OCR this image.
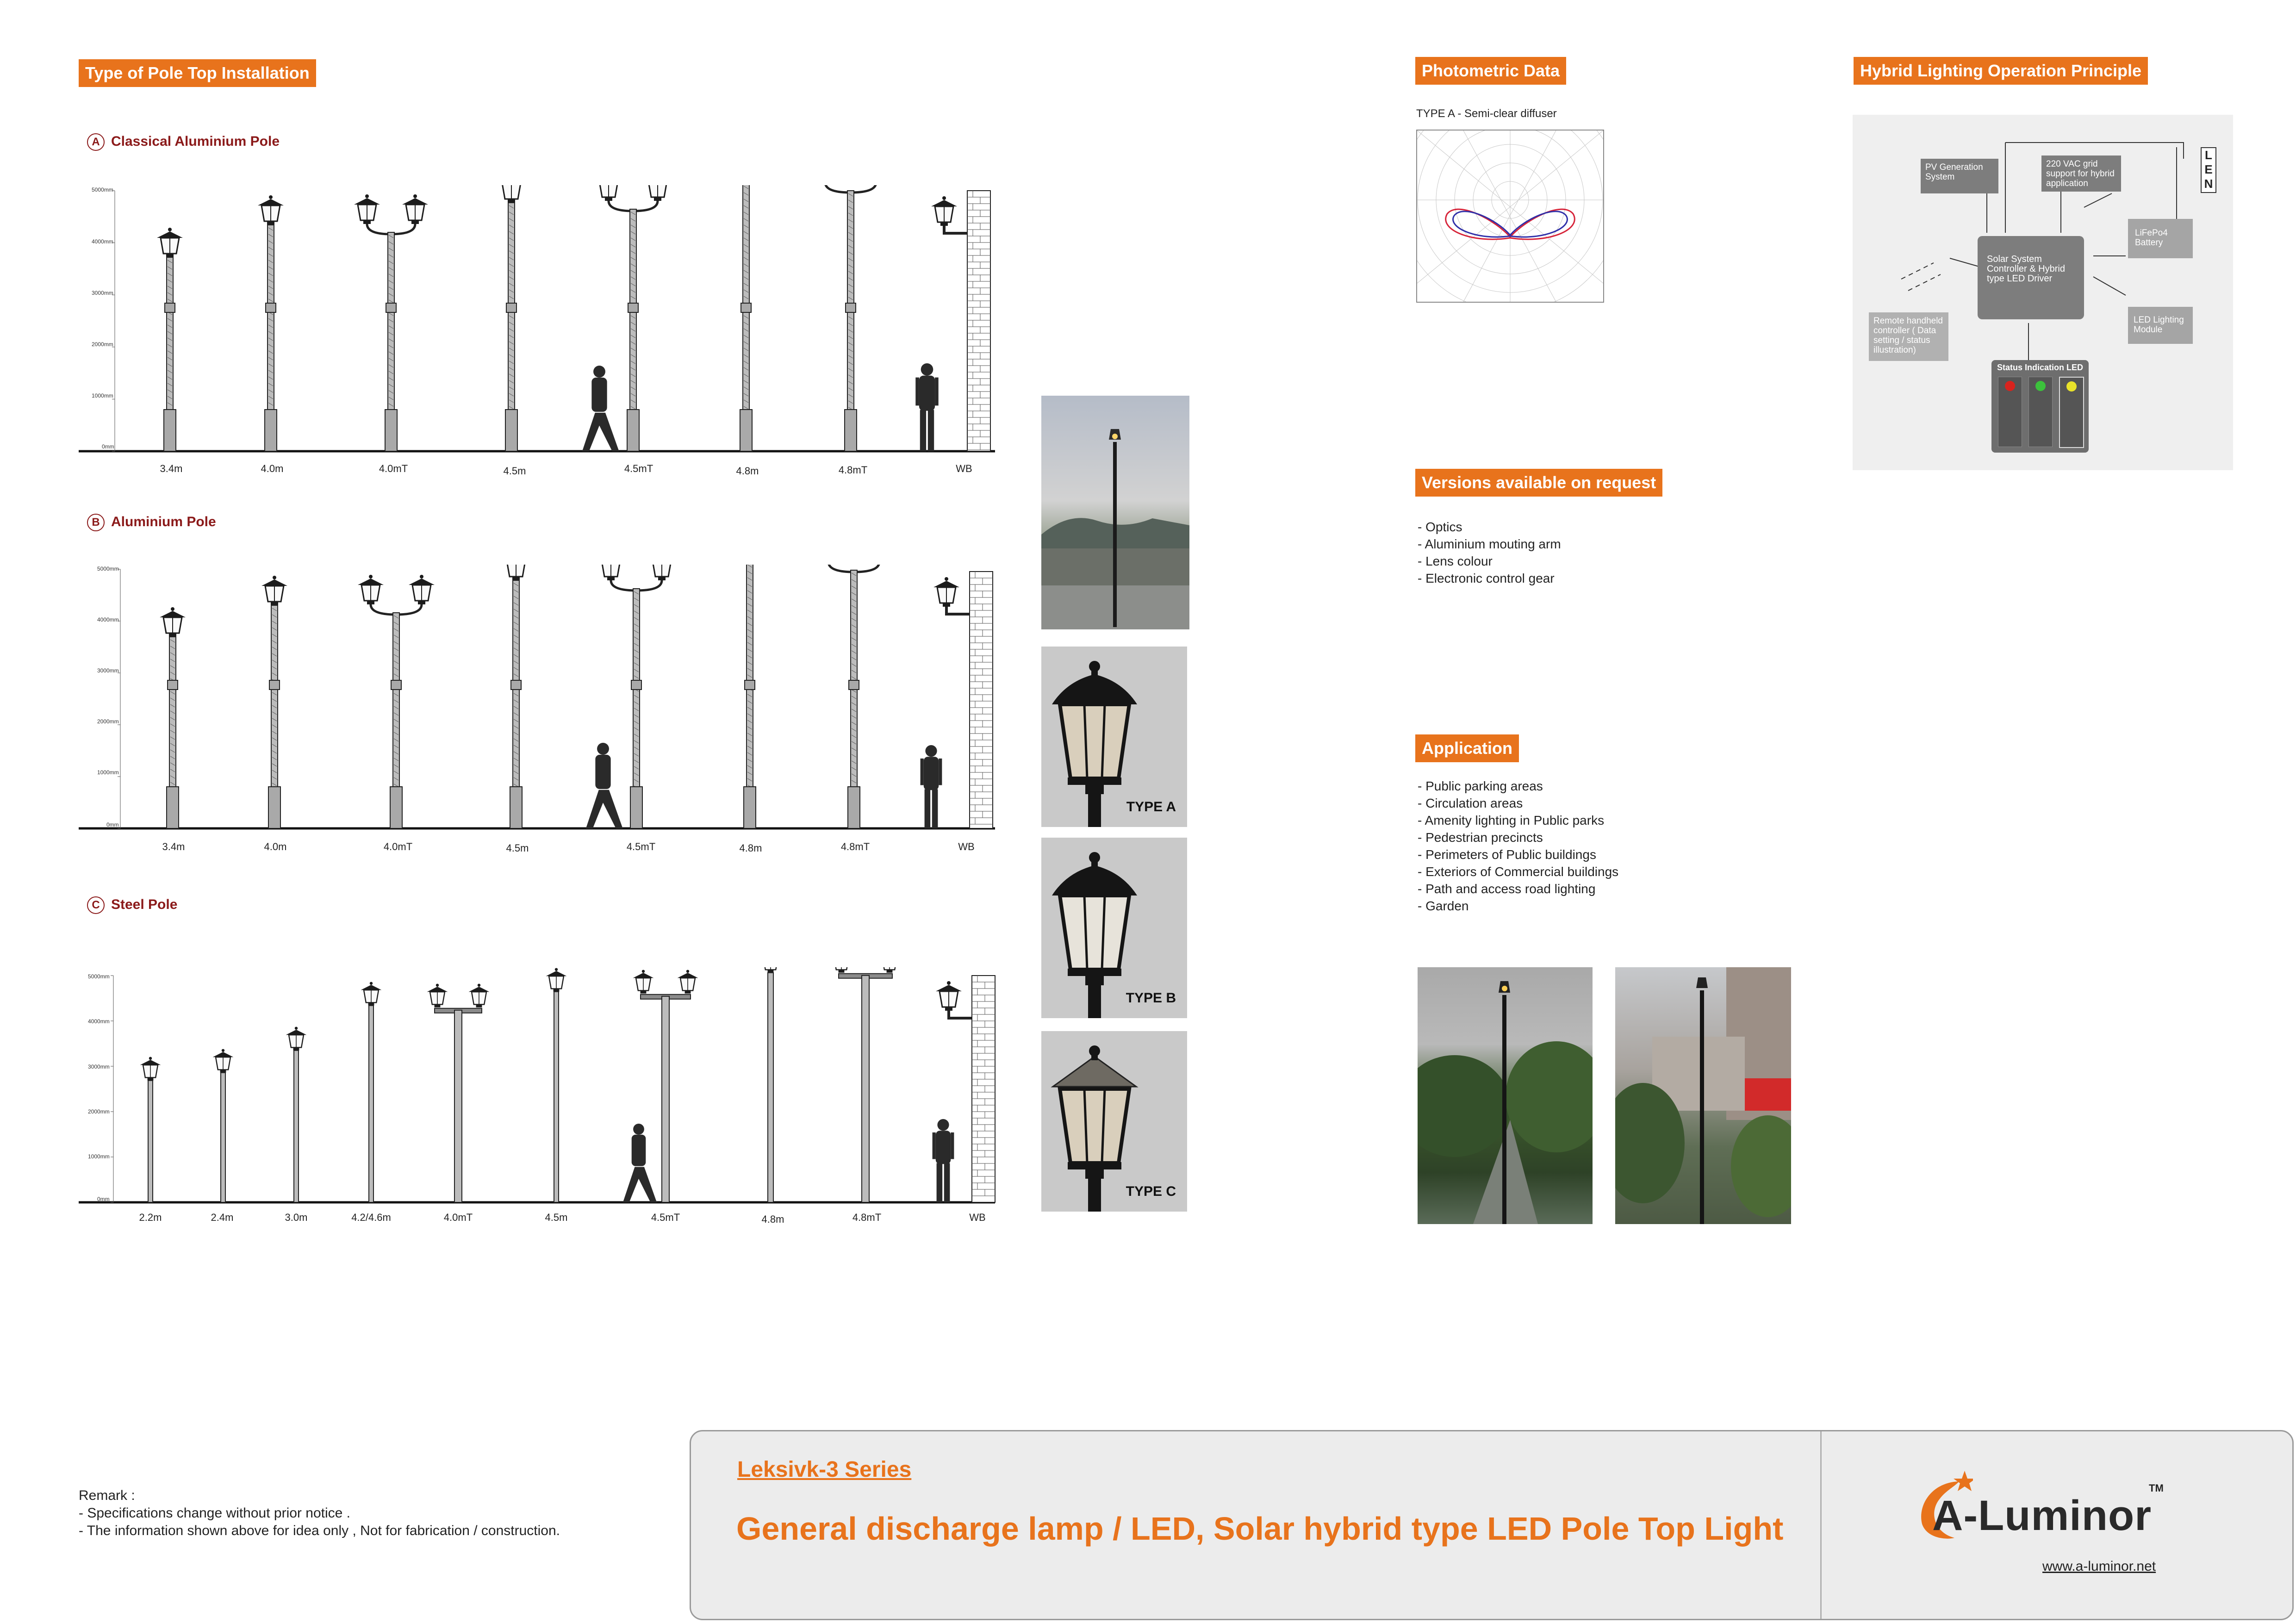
Type of Pole Top Installation
A Classical Aluminium Pole
5000mm
4000mm
3000mm
2000mm
1000mm
0mm
3.4m	4.0m	4.0mT	4.5m	4.5mT	4.8m	4.8mT	WB
B Aluminium Pole
5000mm
4000mm
3000mm
2000mm
1000mm
0mm
3.4m	4.0m	4.0mT	4.5m	4.5mT	4.8m	4.8mT	WB
C Steel Pole
5000mm
4000mm
3000mm
2000mm
1000mm
0mm
2.2m	2.4m	3.0m	4.2/4.6m	4.0mT	4.5m	4.5mT	4.8m	4.8mT	WB
TYPE A
TYPE B
TYPE C
Photometric Data
TYPE A - Semi-clear diffuser
Versions available on request
- Optics
- Aluminium mouting arm
- Lens colour
- Electronic control gear
Application
- Public parking areas
- Circulation areas
- Amenity lighting in Public parks
- Pedestrian precincts
- Perimeters of Public buildings
- Exteriors of Commercial buildings
- Path and access road lighting
- Garden
Hybrid Lighting Operation Principle
PV Generation System
220 VAC grid support for hybrid application
L E N
Solar System Controller & Hybrid type LED Driver
LiFePo4 Battery
Remote handheld controller ( Data setting / status illustration)
LED Lighting Module
Status Indication LED
Remark :
- Specifications change without prior notice .
- The information shown above for idea only , Not for fabrication / construction.
Leksivk-3 Series
General discharge lamp / LED, Solar hybrid type LED Pole Top Light	A-Luminor
TM
www.a-luminor.net
